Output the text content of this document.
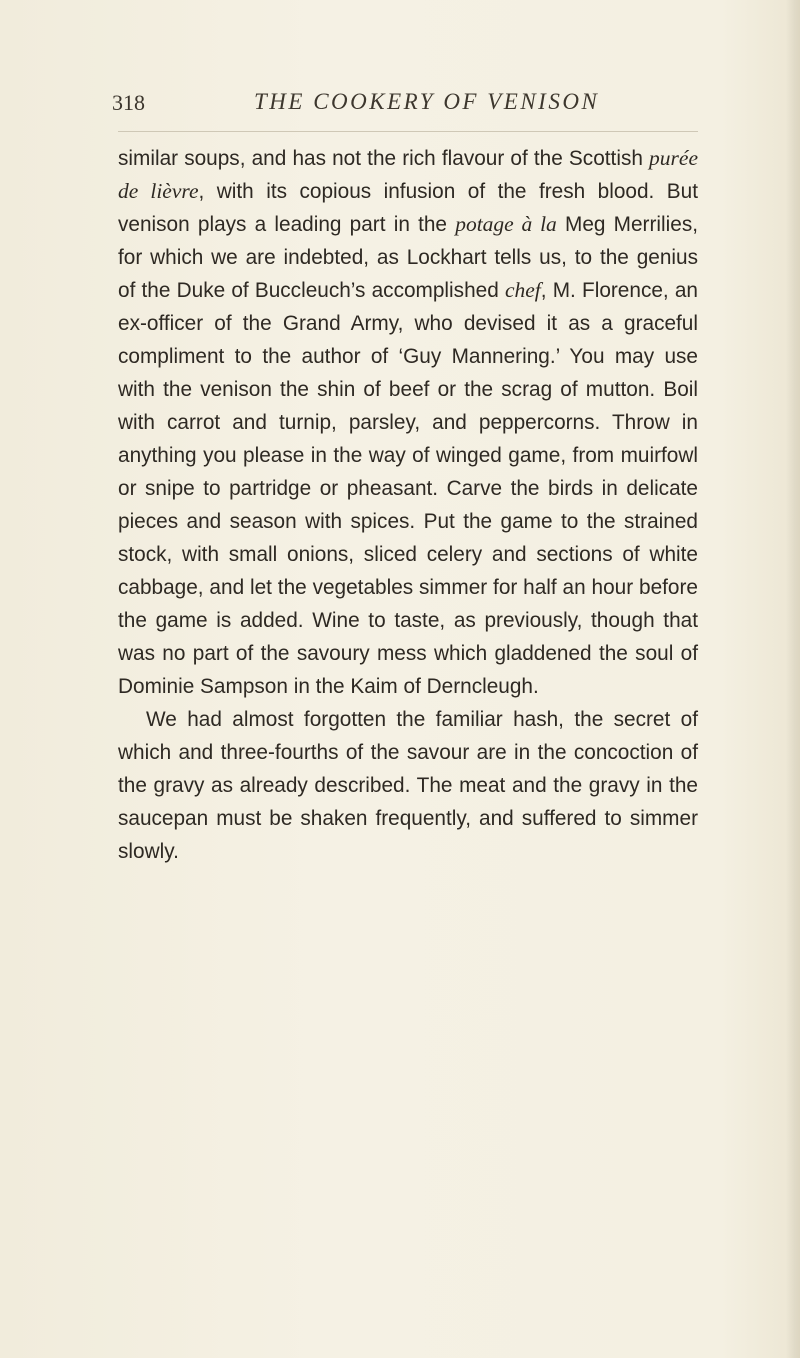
318	THE COOKERY OF VENISON

similar soups, and has not the rich flavour of the Scottish purée de lièvre, with its copious infusion of the fresh blood. But venison plays a leading part in the potage à la Meg Merrilies, for which we are indebted, as Lockhart tells us, to the genius of the Duke of Buccleuch’s accomplished chef, M. Florence, an ex-officer of the Grand Army, who devised it as a graceful compliment to the author of ‘Guy Mannering.’ You may use with the venison the shin of beef or the scrag of mutton. Boil with carrot and turnip, parsley, and peppercorns. Throw in anything you please in the way of winged game, from muirfowl or snipe to partridge or pheasant. Carve the birds in delicate pieces and season with spices. Put the game to the strained stock, with small onions, sliced celery and sections of white cabbage, and let the vegetables simmer for half an hour before the game is added. Wine to taste, as previously, though that was no part of the savoury mess which gladdened the soul of Dominie Sampson in the Kaim of Derncleugh.

We had almost forgotten the familiar hash, the secret of which and three-fourths of the savour are in the concoction of the gravy as already described. The meat and the gravy in the saucepan must be shaken frequently, and suffered to simmer slowly.
